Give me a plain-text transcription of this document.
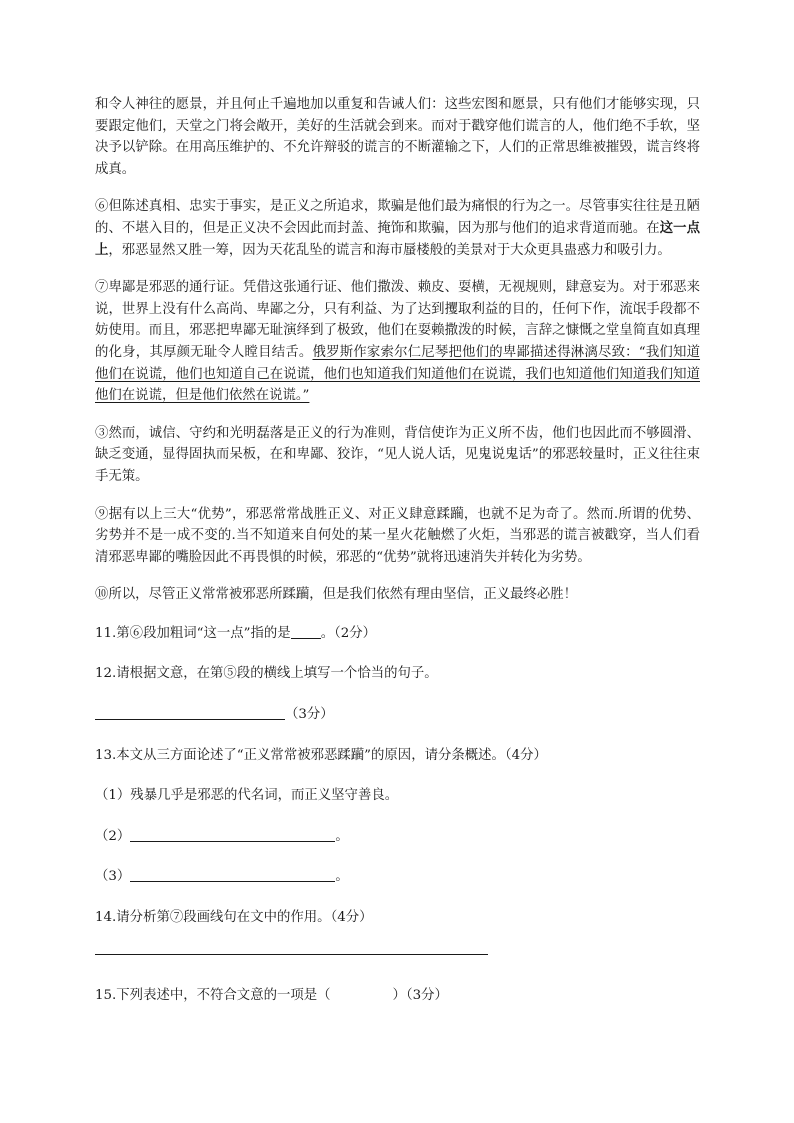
和令人神往的愿景，并且何止千遍地加以重复和告诫人们：这些宏图和愿景，只有他们才能够实现，只要跟定他们，天堂之门将会敞开，美好的生活就会到来。而对于戳穿他们谎言的人，他们绝不手软，坚决予以铲除。在用高压维护的、不允许辩驳的谎言的不断灌输之下，人们的正常思维被摧毁，谎言终将成真。

⑥但陈述真相、忠实于事实，是正义之所追求，欺骗是他们最为痛恨的行为之一。尽管事实往往是丑陋的、不堪入目的，但是正义决不会因此而封盖、掩饰和欺骗，因为那与他们的追求背道而驰。在这一点上，邪恶显然又胜一筹，因为天花乱坠的谎言和海市蜃楼般的美景对于大众更具蛊惑力和吸引力。

⑦卑鄙是邪恶的通行证。凭借这张通行证、他们撒泼、赖皮、耍横，无视规则，肆意妄为。对于邪恶来说，世界上没有什么高尚、卑鄙之分，只有利益、为了达到攫取利益的目的，任何下作，流氓手段都不妨使用。而且，邪恶把卑鄙无耻演绎到了极致，他们在耍赖撒泼的时候，言辞之慷慨之堂皇简直如真理的化身，其厚颜无耻令人瞠目结舌。俄罗斯作家索尔仁尼琴把他们的卑鄙描述得淋漓尽致：“我们知道他们在说谎，他们也知道自己在说谎，他们也知道我们知道他们在说谎，我们也知道他们知道我们知道他们在说谎，但是他们依然在说谎。”

③然而，诚信、守约和光明磊落是正义的行为准则，背信使诈为正义所不齿，他们也因此而不够圆滑、缺乏变通，显得固执而呆板，在和卑鄙、狡诈，“见人说人话，见鬼说鬼话”的邪恶较量时，正义往往束手无策。

⑨据有以上三大“优势”，邪恶常常战胜正义、对正义肆意蹂躏，也就不足为奇了。然而.所谓的优势、劣势并不是一成不变的.当不知道来自何处的某一星火花触燃了火炬，当邪恶的谎言被戳穿，当人们看清邪恶卑鄙的嘴脸因此不再畏惧的时候，邪恶的“优势”就将迅速消失并转化为劣势。

⑩所以，尽管正义常常被邪恶所蹂躏，但是我们依然有理由坚信，正义最终必胜！

11.第⑥段加粗词“这一点”指的是 。（2分）

12.请根据文意，在第⑤段的横线上填写一个恰当的句子。

（3分）

13.本文从三方面论述了“正义常常被邪恶蹂躏”的原因，请分条概述。（4分）

（1）残暴几乎是邪恶的代名词，而正义坚守善良。

（2）	。

（3）	。

14.请分析第⑦段画线句在文中的作用。（4分）

15.下列表述中，不符合文意的一项是（	）（3分）
